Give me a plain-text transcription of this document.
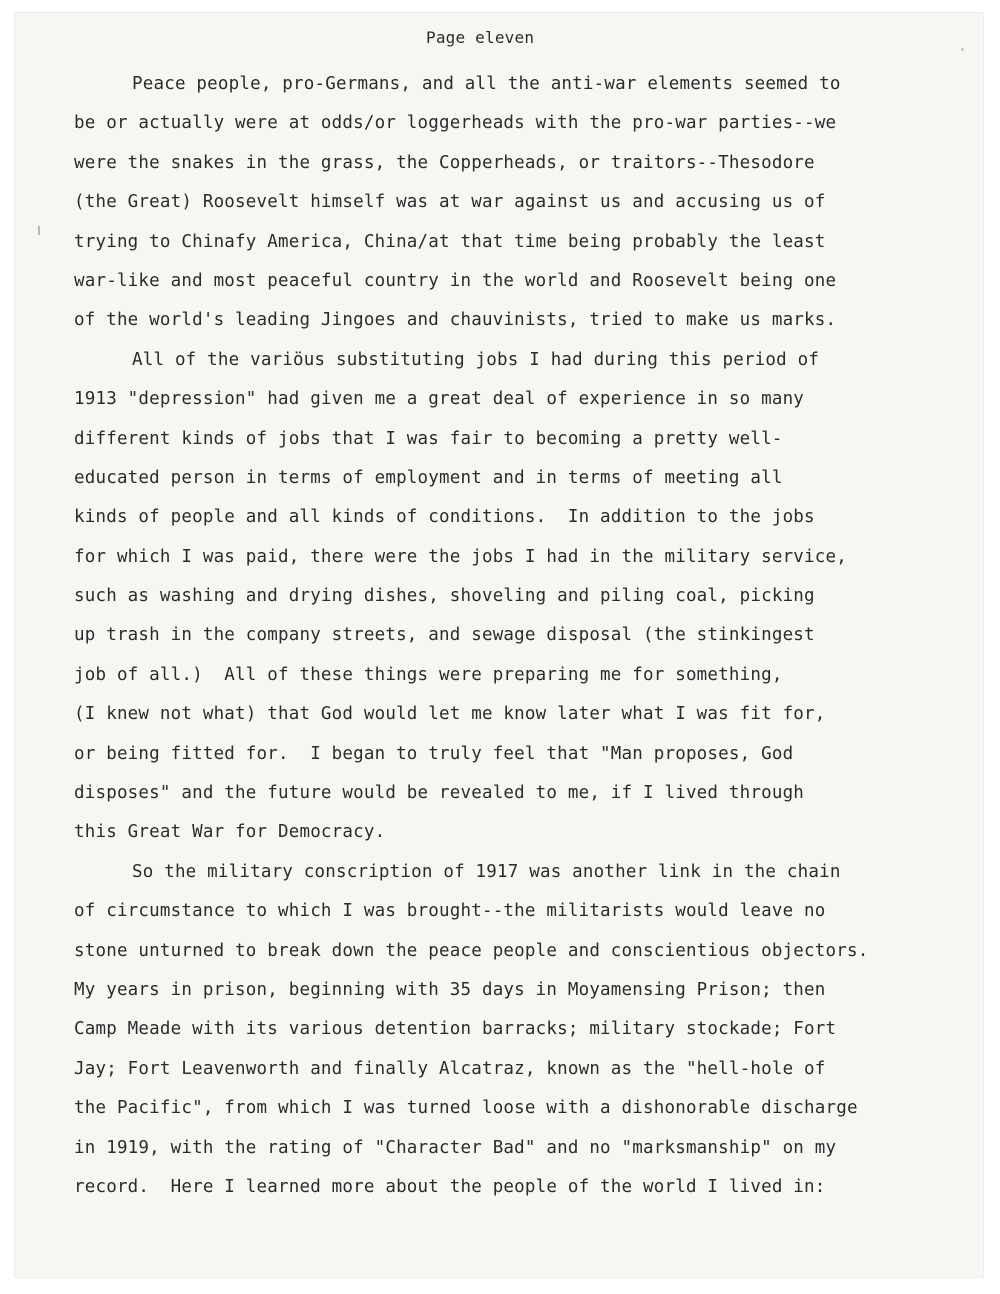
Page eleven
Peace people, pro-Germans, and all the anti-war elements seemed to
be or actually were at odds/or loggerheads with the pro-war parties--we
were the snakes in the grass, the Copperheads, or traitors--Thesodore
(the Great) Roosevelt himself was at war against us and accusing us of
trying to Chinafy America, China/at that time being probably the least
war-like and most peaceful country in the world and Roosevelt being one
of the world's leading Jingoes and chauvinists, tried to make us marks.
All of the variöus substituting jobs I had during this period of
1913 "depression" had given me a great deal of experience in so many
different kinds of jobs that I was fair to becoming a pretty well-
educated person in terms of employment and in terms of meeting all
kinds of people and all kinds of conditions.  In addition to the jobs
for which I was paid, there were the jobs I had in the military service,
such as washing and drying dishes, shoveling and piling coal, picking
up trash in the company streets, and sewage disposal (the stinkingest
job of all.)  All of these things were preparing me for something,
(I knew not what) that God would let me know later what I was fit for,
or being fitted for.  I began to truly feel that "Man proposes, God
disposes" and the future would be revealed to me, if I lived through
this Great War for Democracy.
So the military conscription of 1917 was another link in the chain
of circumstance to which I was brought--the militarists would leave no
stone unturned to break down the peace people and conscientious objectors.
My years in prison, beginning with 35 days in Moyamensing Prison; then
Camp Meade with its various detention barracks; military stockade; Fort
Jay; Fort Leavenworth and finally Alcatraz, known as the "hell-hole of
the Pacific", from which I was turned loose with a dishonorable discharge
in 1919, with the rating of "Character Bad" and no "marksmanship" on my
record.  Here I learned more about the people of the world I lived in:
